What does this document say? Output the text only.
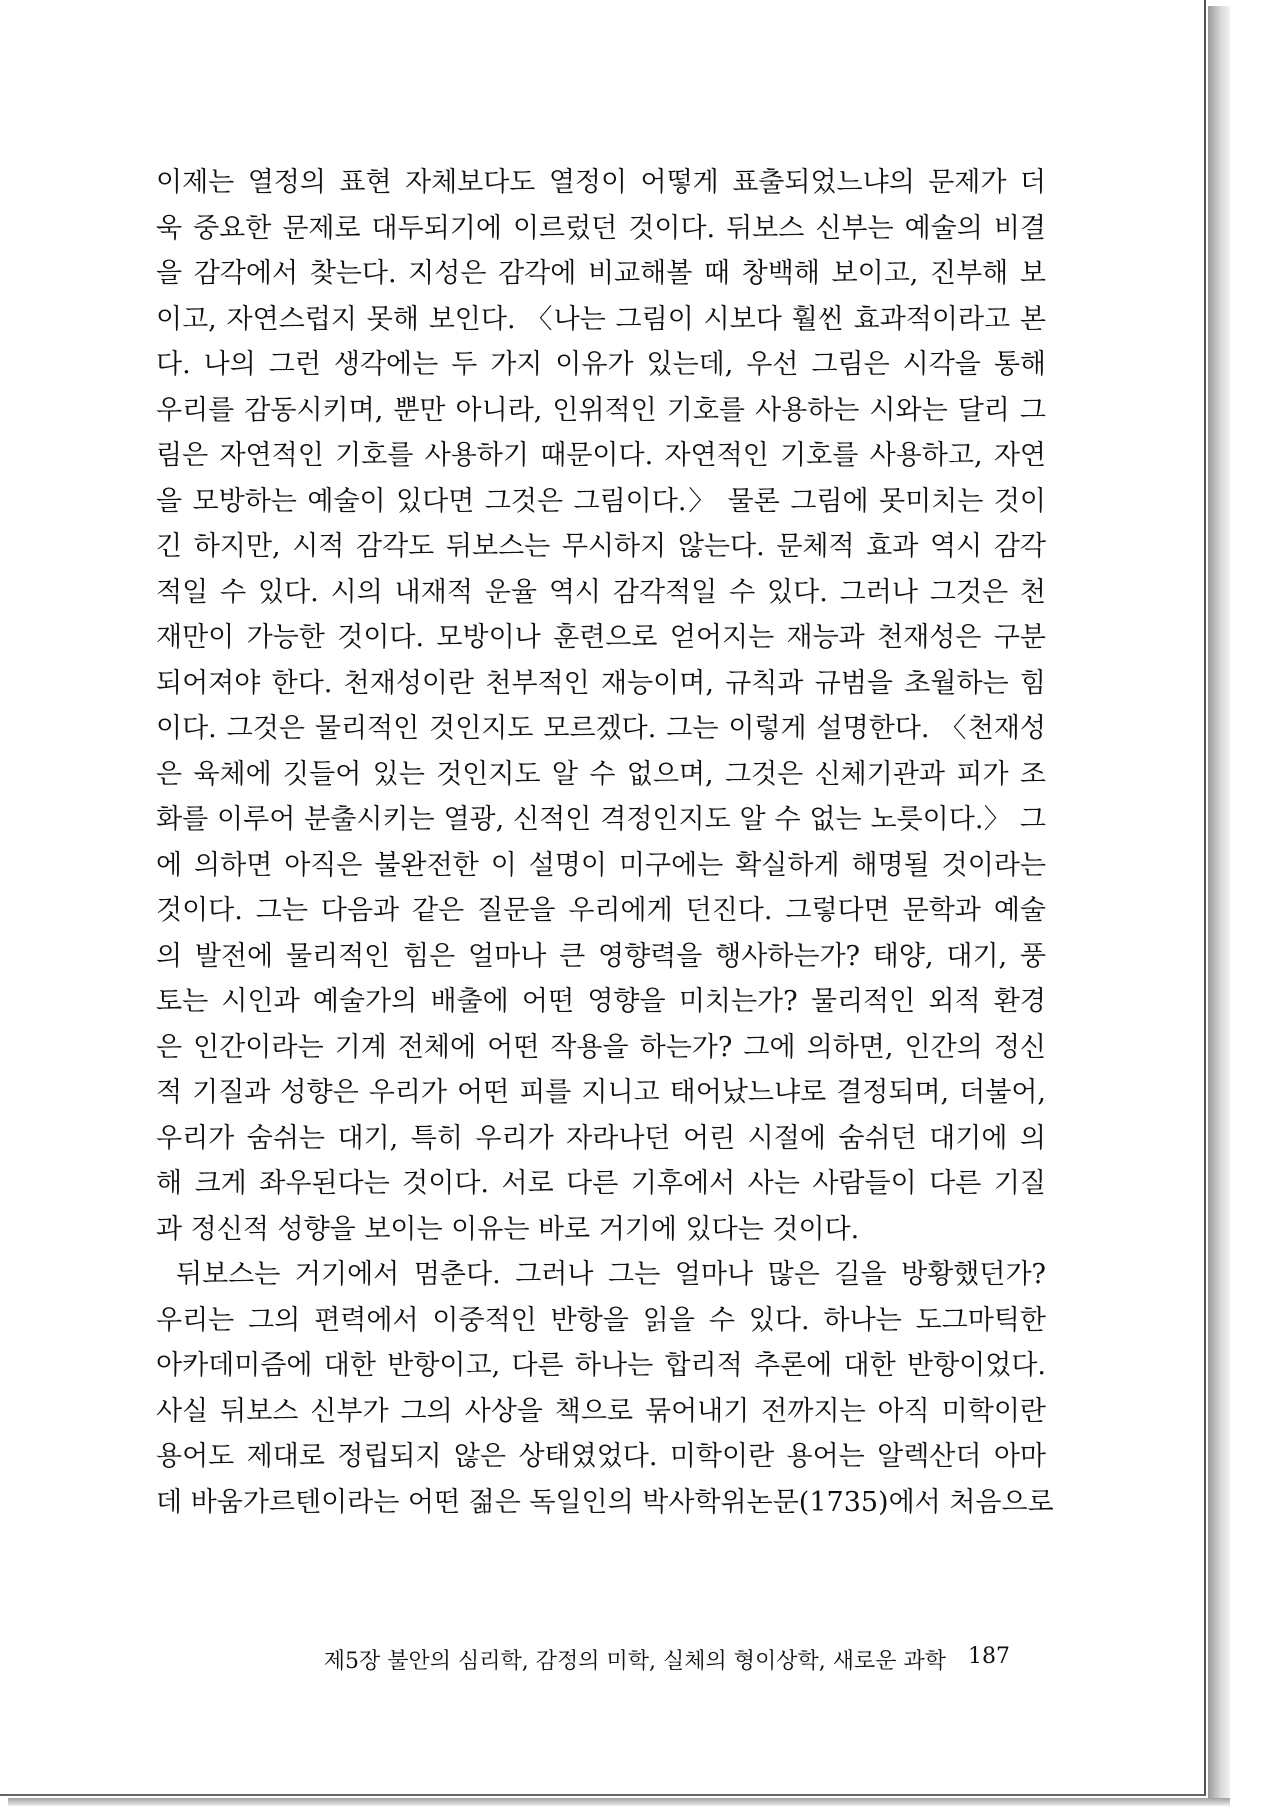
이제는 열정의 표현 자체보다도 열정이 어떻게 표출되었느냐의 문제가 더
욱 중요한 문제로 대두되기에 이르렀던 것이다. 뒤보스 신부는 예술의 비결
을 감각에서 찾는다. 지성은 감각에 비교해볼 때 창백해 보이고, 진부해 보
이고, 자연스럽지 못해 보인다. 〈나는 그림이 시보다 훨씬 효과적이라고 본
다. 나의 그런 생각에는 두 가지 이유가 있는데, 우선 그림은 시각을 통해
우리를 감동시키며, 뿐만 아니라, 인위적인 기호를 사용하는 시와는 달리 그
림은 자연적인 기호를 사용하기 때문이다. 자연적인 기호를 사용하고, 자연
을 모방하는 예술이 있다면 그것은 그림이다.〉 물론 그림에 못미치는 것이
긴 하지만, 시적 감각도 뒤보스는 무시하지 않는다. 문체적 효과 역시 감각
적일 수 있다. 시의 내재적 운율 역시 감각적일 수 있다. 그러나 그것은 천
재만이 가능한 것이다. 모방이나 훈련으로 얻어지는 재능과 천재성은 구분
되어져야 한다. 천재성이란 천부적인 재능이며, 규칙과 규범을 초월하는 힘
이다. 그것은 물리적인 것인지도 모르겠다. 그는 이렇게 설명한다. 〈천재성
은 육체에 깃들어 있는 것인지도 알 수 없으며, 그것은 신체기관과 피가 조
화를 이루어 분출시키는 열광, 신적인 격정인지도 알 수 없는 노릇이다.〉 그
에 의하면 아직은 불완전한 이 설명이 미구에는 확실하게 해명될 것이라는
것이다. 그는 다음과 같은 질문을 우리에게 던진다. 그렇다면 문학과 예술
의 발전에 물리적인 힘은 얼마나 큰 영향력을 행사하는가? 태양, 대기, 풍
토는 시인과 예술가의 배출에 어떤 영향을 미치는가? 물리적인 외적 환경
은 인간이라는 기계 전체에 어떤 작용을 하는가? 그에 의하면, 인간의 정신
적 기질과 성향은 우리가 어떤 피를 지니고 태어났느냐로 결정되며, 더불어,
우리가 숨쉬는 대기, 특히 우리가 자라나던 어린 시절에 숨쉬던 대기에 의
해 크게 좌우된다는 것이다. 서로 다른 기후에서 사는 사람들이 다른 기질
과 정신적 성향을 보이는 이유는 바로 거기에 있다는 것이다.
뒤보스는 거기에서 멈춘다. 그러나 그는 얼마나 많은 길을 방황했던가?
우리는 그의 편력에서 이중적인 반항을 읽을 수 있다. 하나는 도그마틱한
아카데미즘에 대한 반항이고, 다른 하나는 합리적 추론에 대한 반항이었다.
사실 뒤보스 신부가 그의 사상을 책으로 묶어내기 전까지는 아직 미학이란
용어도 제대로 정립되지 않은 상태였었다. 미학이란 용어는 알렉산더 아마
데 바움가르텐이라는 어떤 젊은 독일인의 박사학위논문(1735)에서 처음으로
제5장 불안의 심리학, 감정의 미학, 실체의 형이상학, 새로운 과학 187
